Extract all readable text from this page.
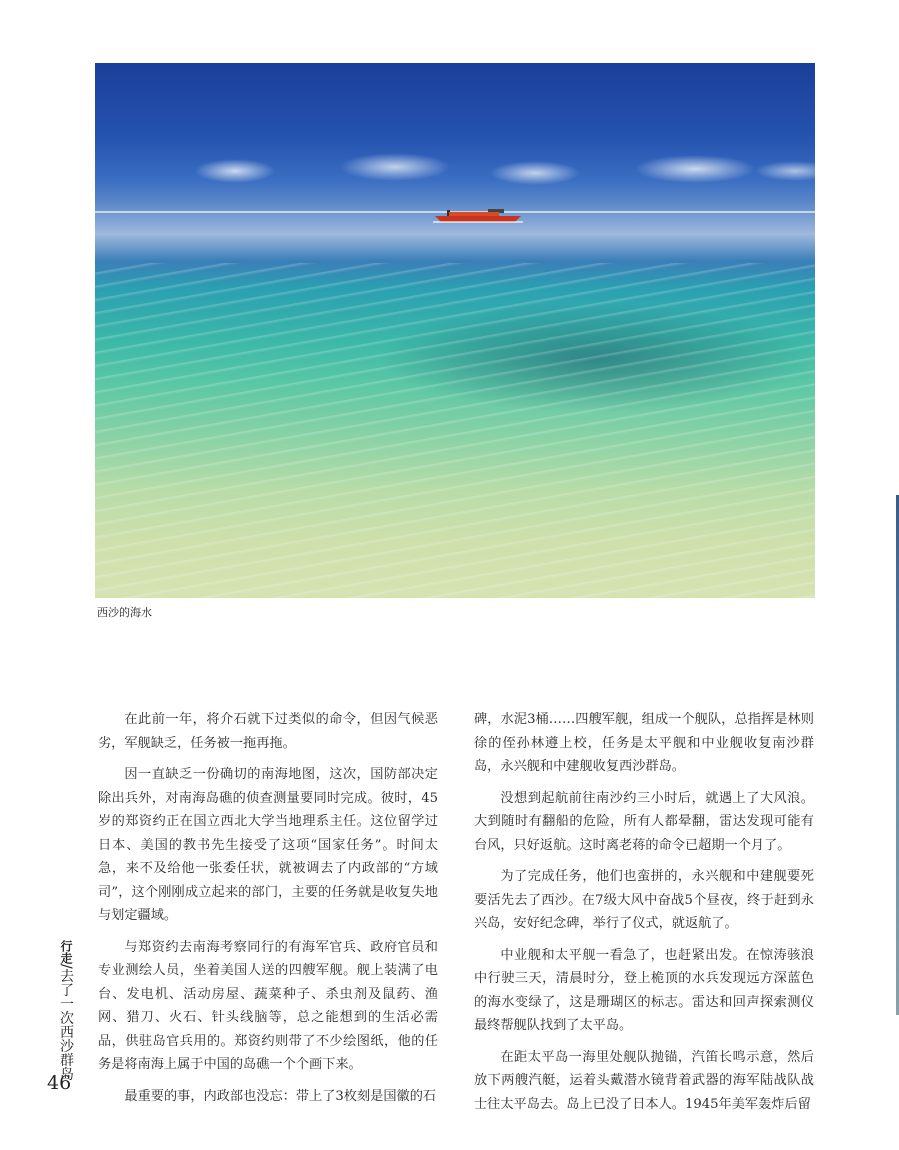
西沙的海水

在此前一年，将介石就下过类似的命令，但因气候恶劣，军舰缺乏，任务被一拖再拖。

因一直缺乏一份确切的南海地图，这次，国防部决定除出兵外，对南海岛礁的侦查测量要同时完成。彼时，45岁的郑资约正在国立西北大学当地理系主任。这位留学过日本、美国的教书先生接受了这项“国家任务”。时间太急，来不及给他一张委任状，就被调去了内政部的“方域司”，这个刚刚成立起来的部门，主要的任务就是收复失地与划定疆域。

与郑资约去南海考察同行的有海军官兵、政府官员和专业测绘人员，坐着美国人送的四艘军舰。舰上装满了电台、发电机、活动房屋、蔬菜种子、杀虫剂及鼠药、渔网、猎刀、火石、针头线脑等，总之能想到的生活必需品，供驻岛官兵用的。郑资约则带了不少绘图纸，他的任务是将南海上属于中国的岛礁一个个画下来。

最重要的事，内政部也没忘：带上了3枚刻是国徽的石

碑，水泥3桶……四艘军舰，组成一个舰队，总指挥是林则徐的侄孙林遵上校，任务是太平舰和中业舰收复南沙群岛，永兴舰和中建舰收复西沙群岛。

没想到起航前往南沙约三小时后，就遇上了大风浪。大到随时有翻船的危险，所有人都晕翻，雷达发现可能有台风，只好返航。这时离老蒋的命令已超期一个月了。

为了完成任务，他们也蛮拼的，永兴舰和中建舰要死要活先去了西沙。在7级大风中奋战5个昼夜，终于赶到永兴岛，安好纪念碑，举行了仪式，就返航了。

中业舰和太平舰一看急了，也赶紧出发。在惊涛骇浪中行驶三天，清晨时分，登上桅顶的水兵发现远方深蓝色的海水变绿了，这是珊瑚区的标志。雷达和回声探索测仪最终帮舰队找到了太平岛。

在距太平岛一海里处舰队抛锚，汽笛长鸣示意，然后放下两艘汽艇，运着头戴潜水镜背着武器的海军陆战队战士往太平岛去。岛上已没了日本人。1945年美军轰炸后留

行走/去了一次西沙群岛

46
